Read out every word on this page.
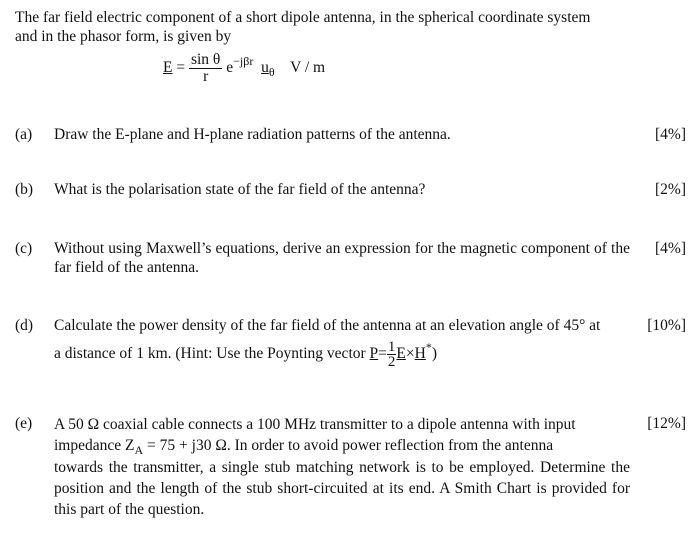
The far field electric component of a short dipole antenna, in the spherical coordinate system
and in the phasor form, is given by
$E = \frac{\text{sin θ}}{r} e^{-j\beta r}$ $u_\theta$ V / m
(a) Draw the E-plane and H-plane radiation patterns of the antenna.	[4%]
(b) What is the polarisation state of the far field of the antenna?	[2%]
(c) Without using Maxwell’s equations, derive an expression for the magnetic component of the far field of the antenna.
[4%]
(d) Calculate the power density of the far field of the antenna at an elevation angle of 45° at	[10%]
a distance of 1 km. (Hint: Use the Poynting vector $P= \frac{1}{2} E\times H^*$)
(e)	[12%]
A 50 Ω coaxial cable connects a 100 MHz transmitter to a dipole antenna with input
impedance $Z_A = 75 + j30$ Ω. In order to avoid power reflection from the antenna
towards the transmitter, a single stub matching network is to be employed. Determine the position and the length of the stub short-circuited at its end. A Smith Chart is provided for this part of the question.
